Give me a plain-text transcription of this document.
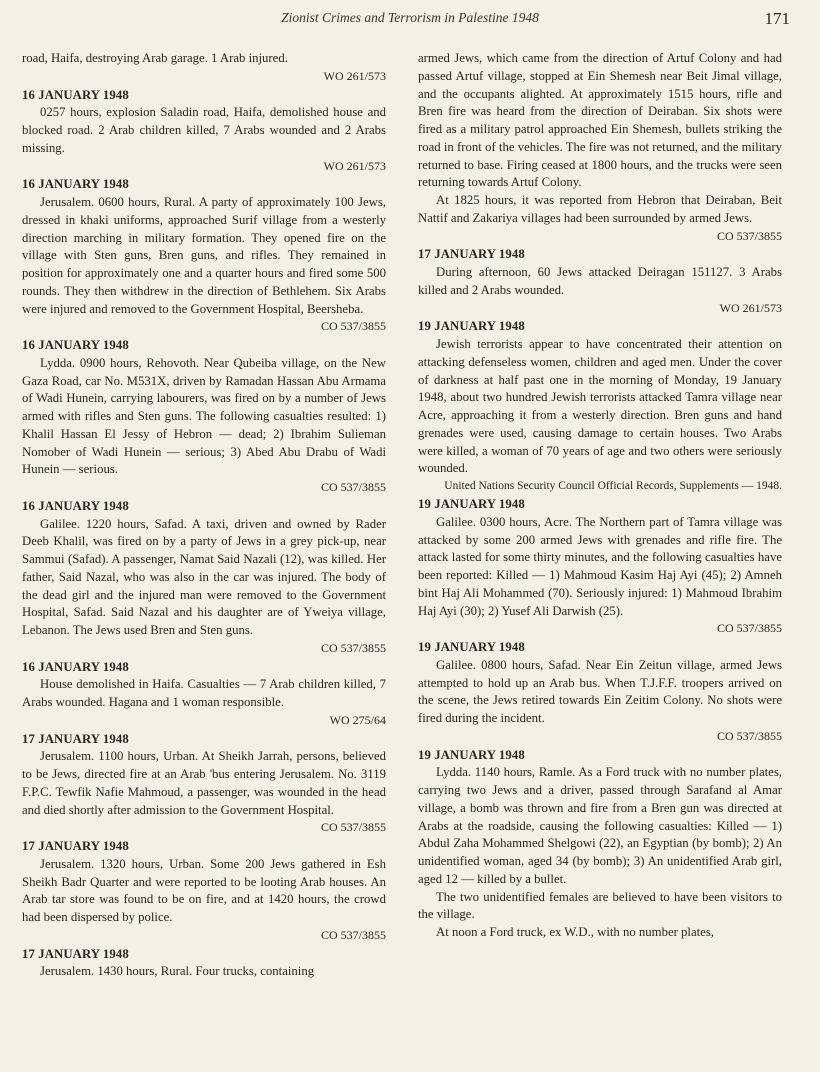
Zionist Crimes and Terrorism in Palestine 1948	171

road, Haifa, destroying Arab garage. 1 Arab injured.

WO 261/573
16 JANUARY 1948

0257 hours, explosion Saladin road, Haifa, demolished house and blocked road. 2 Arab children killed, 7 Arabs wounded and 2 Arabs missing.

WO 261/573
16 JANUARY 1948

Jerusalem. 0600 hours, Rural. A party of approximately 100 Jews, dressed in khaki uniforms, approached Surif village from a westerly direction marching in military formation. They opened fire on the village with Sten guns, Bren guns, and rifles. They remained in position for approximately one and a quarter hours and fired some 500 rounds. They then withdrew in the direction of Bethlehem. Six Arabs were injured and removed to the Government Hospital, Beersheba.

CO 537/3855
16 JANUARY 1948

Lydda. 0900 hours, Rehovoth. Near Qubeiba village, on the New Gaza Road, car No. M531X, driven by Ramadan Hassan Abu Armama of Wadi Hunein, carrying labourers, was fired on by a number of Jews armed with rifles and Sten guns. The following casualties resulted: 1) Khalil Hassan El Jessy of Hebron — dead; 2) Ibrahim Sulieman Nomober of Wadi Hunein — serious; 3) Abed Abu Drabu of Wadi Hunein — serious.

CO 537/3855
16 JANUARY 1948

Galilee. 1220 hours, Safad. A taxi, driven and owned by Rader Deeb Khalil, was fired on by a party of Jews in a grey pick-up, near Sammui (Safad). A passenger, Namat Said Nazali (12), was killed. Her father, Said Nazal, who was also in the car was injured. The body of the dead girl and the injured man were removed to the Government Hospital, Safad. Said Nazal and his daughter are of Yweiya village, Lebanon. The Jews used Bren and Sten guns.

CO 537/3855
16 JANUARY 1948

House demolished in Haifa. Casualties — 7 Arab children killed, 7 Arabs wounded. Hagana and 1 woman responsible.

WO 275/64
17 JANUARY 1948

Jerusalem. 1100 hours, Urban. At Sheikh Jarrah, persons, believed to be Jews, directed fire at an Arab 'bus entering Jerusalem. No. 3119 F.P.C. Tewfik Nafie Mahmoud, a passenger, was wounded in the head and died shortly after admission to the Government Hospital.

CO 537/3855
17 JANUARY 1948

Jerusalem. 1320 hours, Urban. Some 200 Jews gathered in Esh Sheikh Badr Quarter and were reported to be looting Arab houses. An Arab tar store was found to be on fire, and at 1420 hours, the crowd had been dispersed by police.

CO 537/3855
17 JANUARY 1948

Jerusalem. 1430 hours, Rural. Four trucks, containing

armed Jews, which came from the direction of Artuf Colony and had passed Artuf village, stopped at Ein Shemesh near Beit Jimal village, and the occupants alighted. At approximately 1515 hours, rifle and Bren fire was heard from the direction of Deiraban. Six shots were fired as a military patrol approached Ein Shemesh, bullets striking the road in front of the vehicles. The fire was not returned, and the military returned to base. Firing ceased at 1800 hours, and the trucks were seen returning towards Artuf Colony.

At 1825 hours, it was reported from Hebron that Deiraban, Beit Nattif and Zakariya villages had been surrounded by armed Jews.

CO 537/3855
17 JANUARY 1948

During afternoon, 60 Jews attacked Deiragan 151127. 3 Arabs killed and 2 Arabs wounded.

WO 261/573
19 JANUARY 1948

Jewish terrorists appear to have concentrated their attention on attacking defenseless women, children and aged men. Under the cover of darkness at half past one in the morning of Monday, 19 January 1948, about two hundred Jewish terrorists attacked Tamra village near Acre, approaching it from a westerly direction. Bren guns and hand grenades were used, causing damage to certain houses. Two Arabs were killed, a woman of 70 years of age and two others were seriously wounded.

United Nations Security Council Official Records, Supplements — 1948.
19 JANUARY 1948

Galilee. 0300 hours, Acre. The Northern part of Tamra village was attacked by some 200 armed Jews with grenades and rifle fire. The attack lasted for some thirty minutes, and the following casualties have been reported: Killed — 1) Mahmoud Kasim Haj Ayi (45); 2) Amneh bint Haj Ali Mohammed (70). Seriously injured: 1) Mahmoud Ibrahim Haj Ayi (30); 2) Yusef Ali Darwish (25).

CO 537/3855
19 JANUARY 1948

Galilee. 0800 hours, Safad. Near Ein Zeitun village, armed Jews attempted to hold up an Arab bus. When T.J.F.F. troopers arrived on the scene, the Jews retired towards Ein Zeitim Colony. No shots were fired during the incident.

CO 537/3855
19 JANUARY 1948

Lydda. 1140 hours, Ramle. As a Ford truck with no number plates, carrying two Jews and a driver, passed through Sarafand al Amar village, a bomb was thrown and fire from a Bren gun was directed at Arabs at the roadside, causing the following casualties: Killed — 1) Abdul Zaha Mohammed Shelgowi (22), an Egyptian (by bomb); 2) An unidentified woman, aged 34 (by bomb); 3) An unidentified Arab girl, aged 12 — killed by a bullet.

The two unidentified females are believed to have been visitors to the village.

At noon a Ford truck, ex W.D., with no number plates,
